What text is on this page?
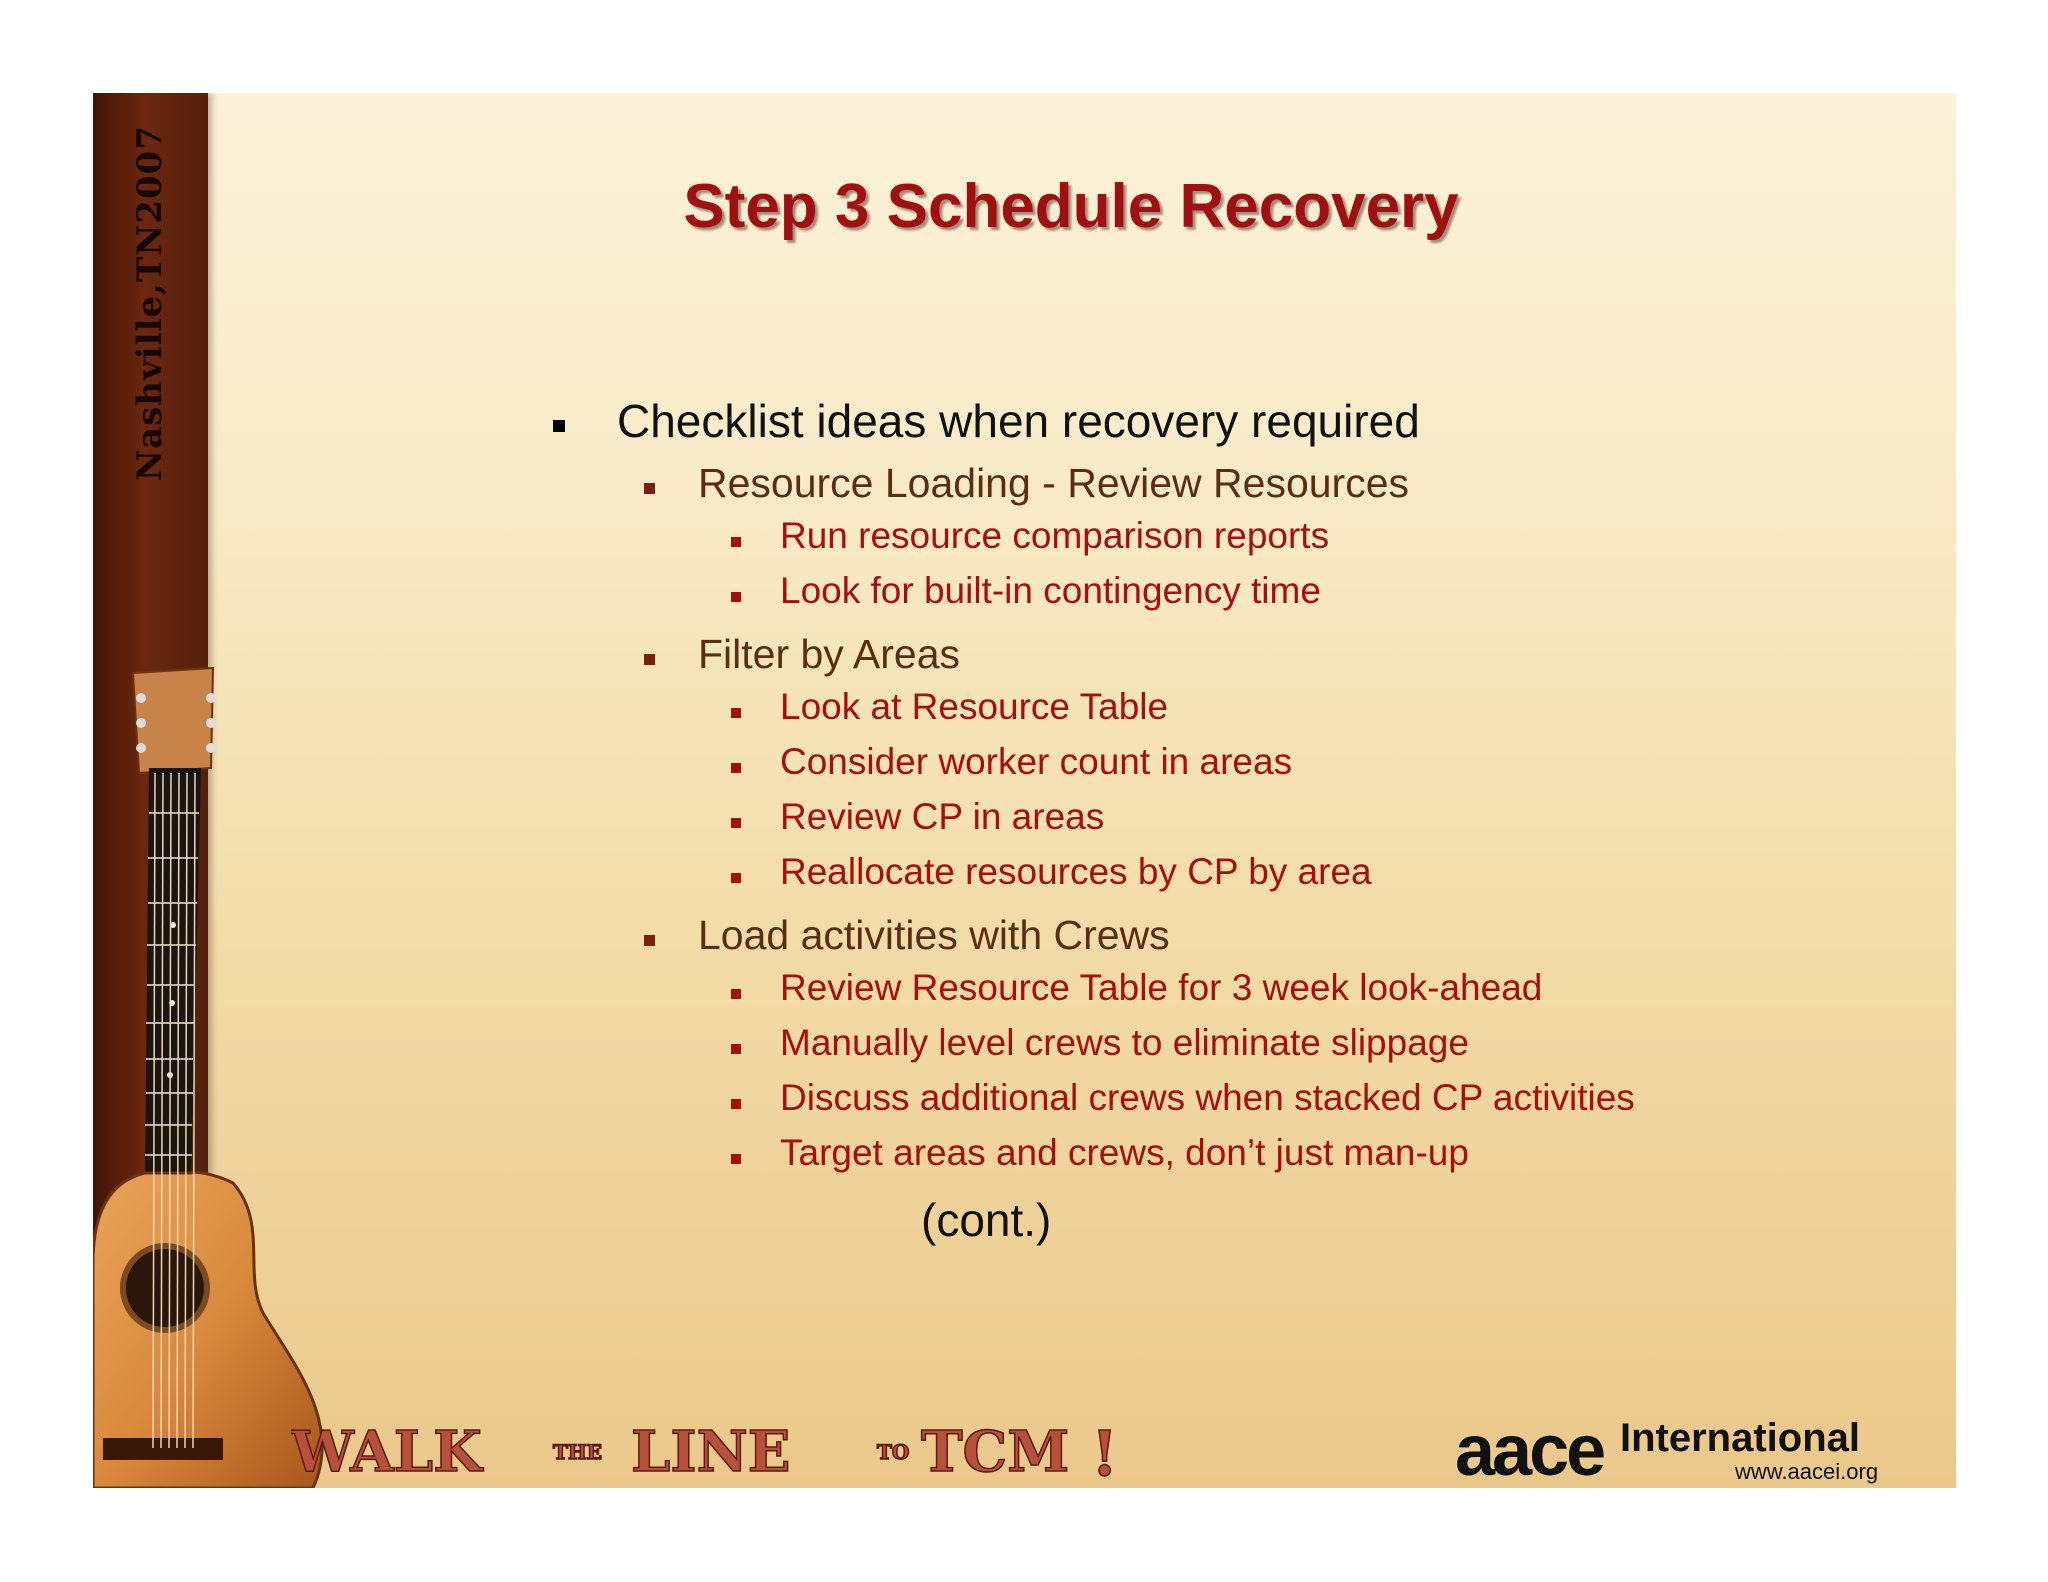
Nashville,TN2007	Step 3 Schedule Recovery
Checklist ideas when recovery required
Resource Loading - Review Resources
Run resource comparison reports
Look for built-in contingency time
Filter by Areas
Look at Resource Table
Consider worker count in areas
Review CP in areas
Reallocate resources by CP by area
Load activities with Crews
Review Resource Table for 3 week look-ahead
Manually level crews to eliminate slippage
Discuss additional crews when stacked CP activities
Target areas and crews, don’t just man-up
(cont.)
WALK	THE LINE	TO TCM !	aace International
www.aacei.org
